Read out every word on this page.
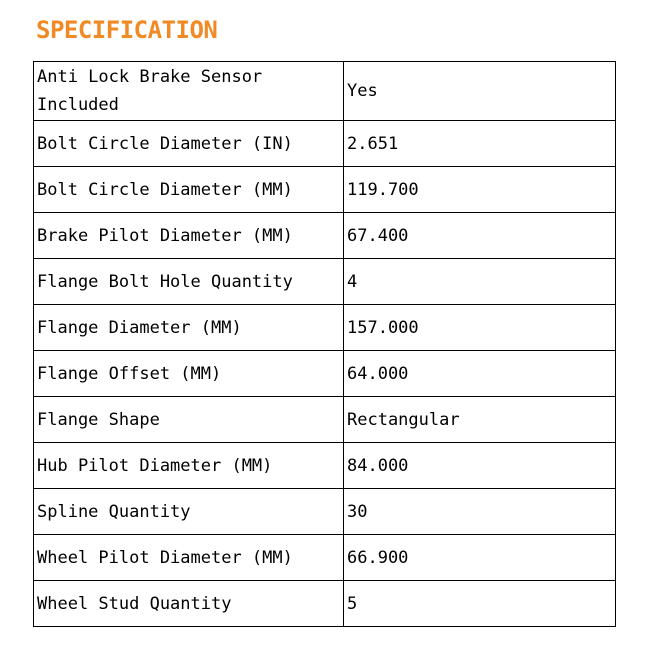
SPECIFICATION
Anti Lock Brake Sensor Included	Yes
Bolt Circle Diameter (IN)	2.651
Bolt Circle Diameter (MM)	119.700
Brake Pilot Diameter (MM)	67.400
Flange Bolt Hole Quantity	4
Flange Diameter (MM)	157.000
Flange Offset (MM)	64.000
Flange Shape	Rectangular
Hub Pilot Diameter (MM)	84.000
Spline Quantity	30
Wheel Pilot Diameter (MM)	66.900
Wheel Stud Quantity	5
